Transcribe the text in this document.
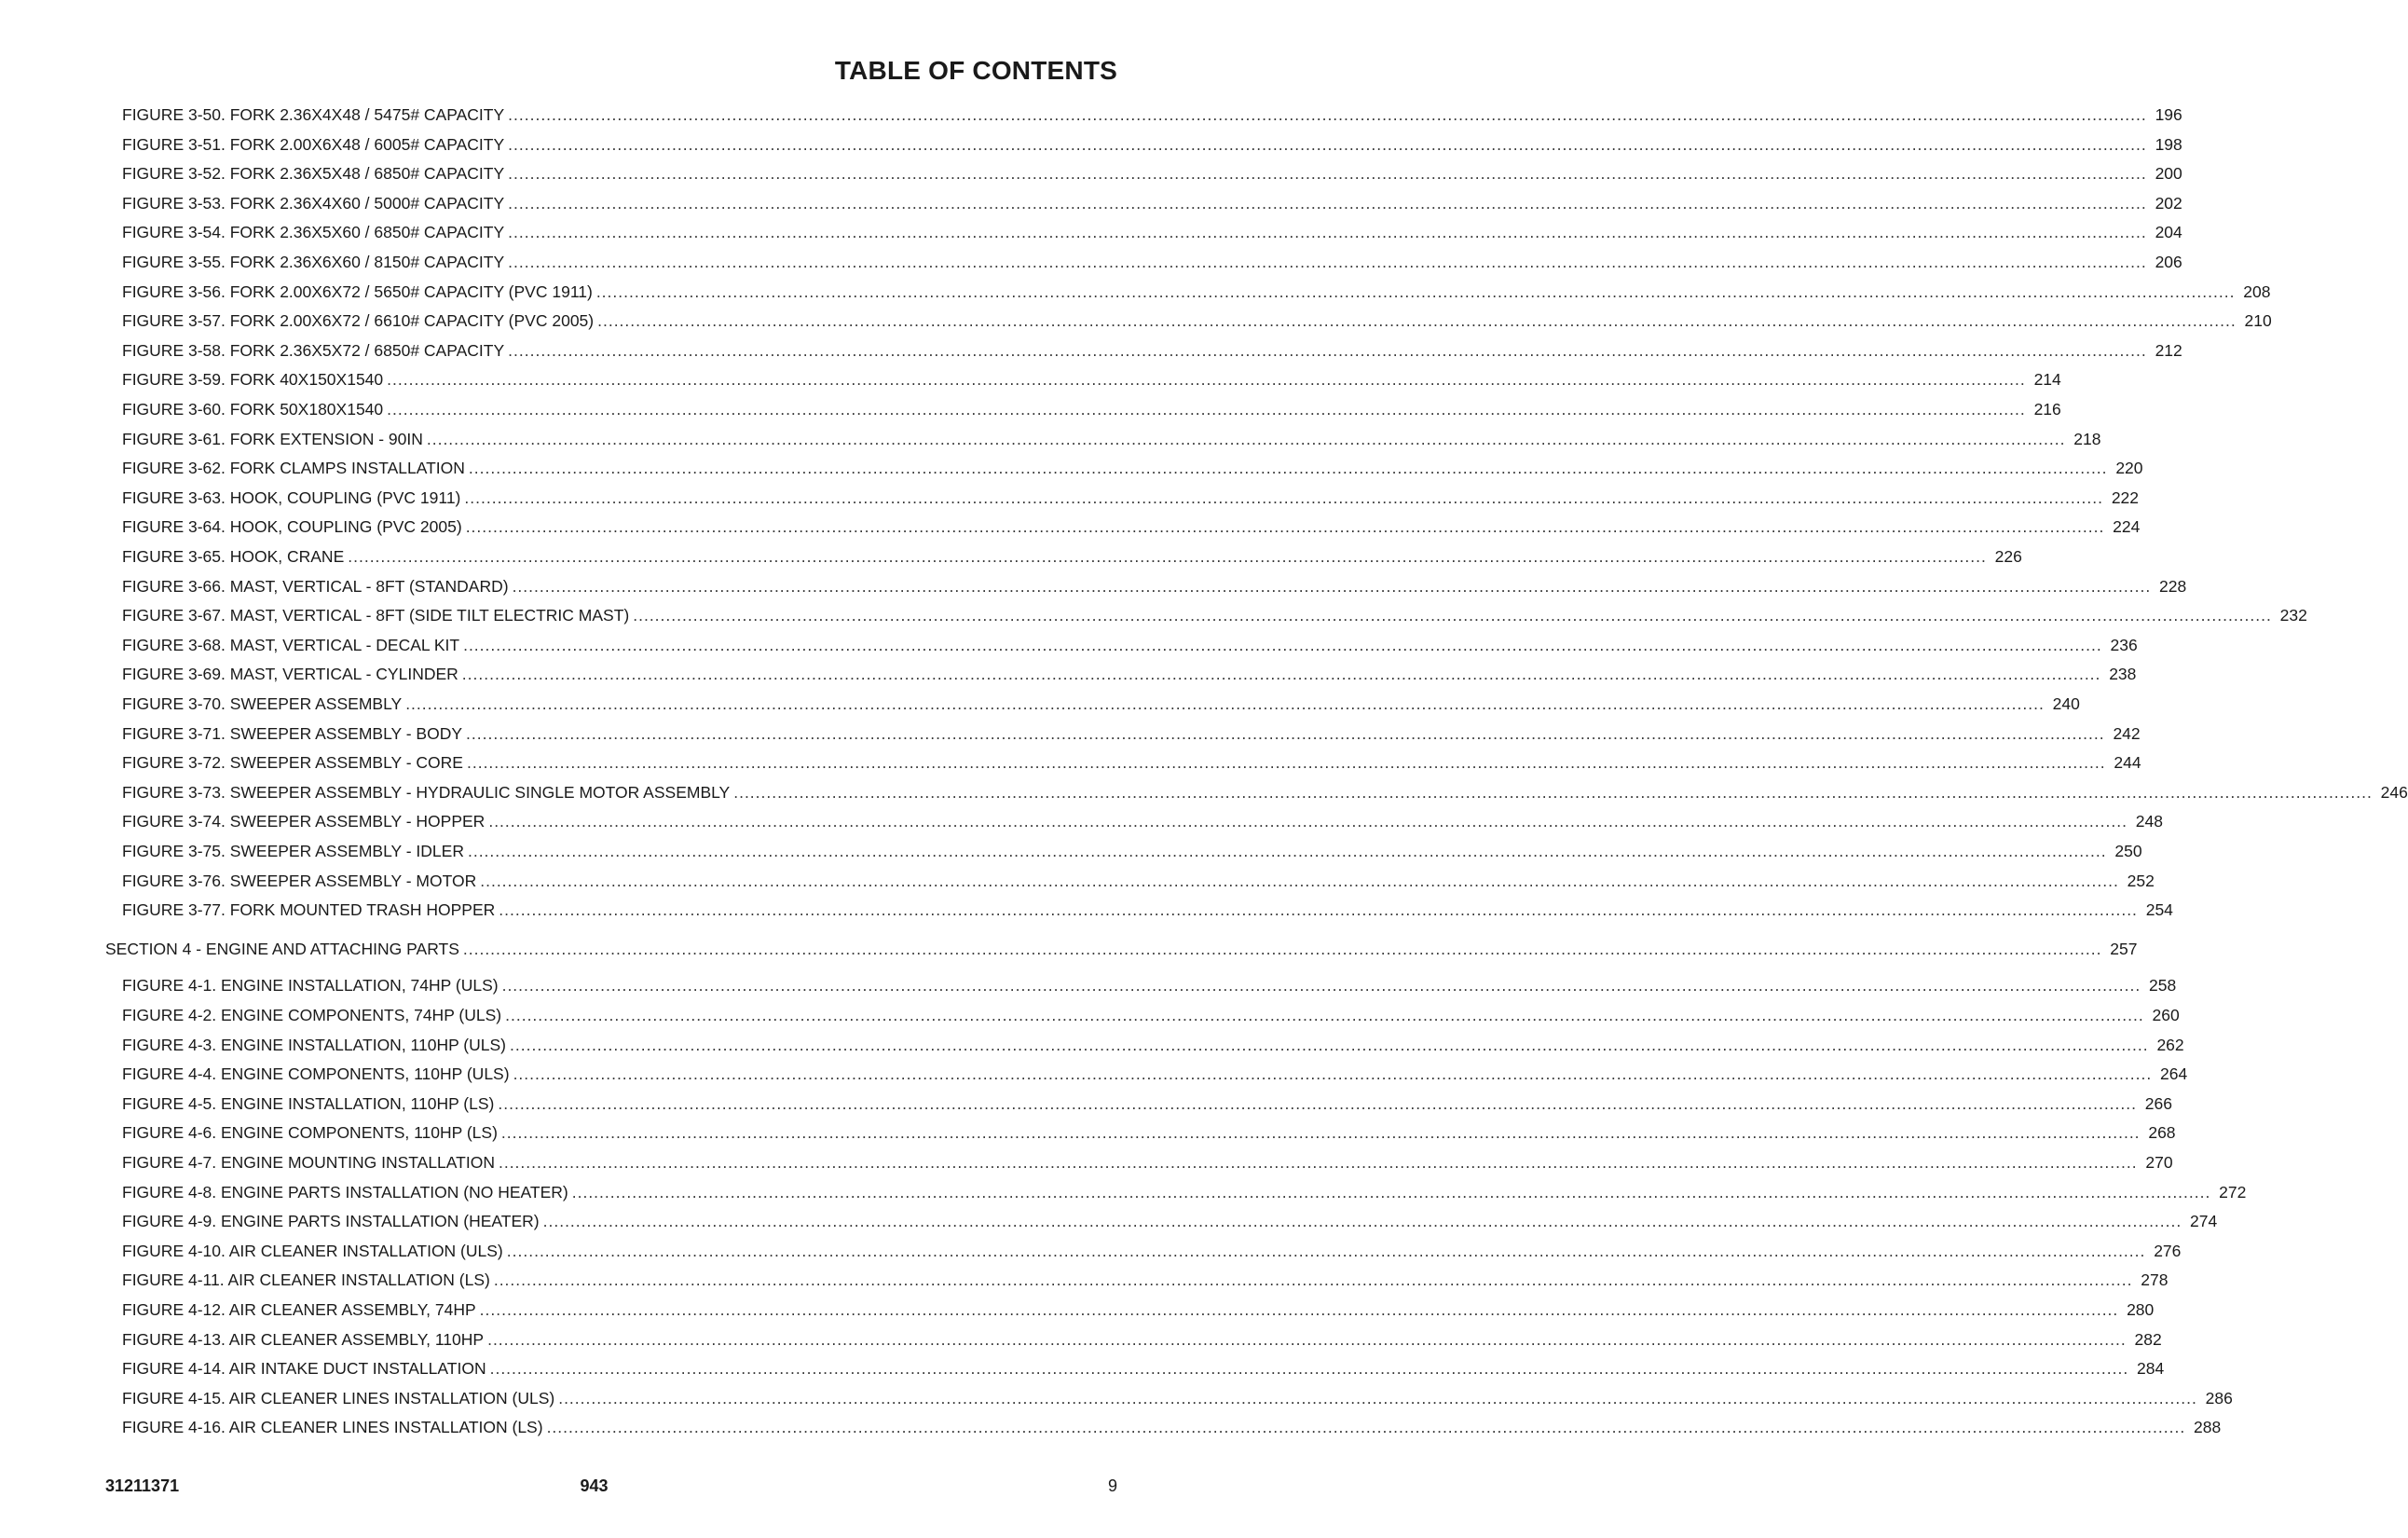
TABLE OF CONTENTS
FIGURE 3-50. FORK 2.36X4X48 / 5475# CAPACITY .....	196
FIGURE 3-51. FORK 2.00X6X48 / 6005# CAPACITY .....	198
FIGURE 3-52. FORK 2.36X5X48 / 6850# CAPACITY .....	200
FIGURE 3-53. FORK 2.36X4X60 / 5000# CAPACITY .....	202
FIGURE 3-54. FORK 2.36X5X60 / 6850# CAPACITY .....	204
FIGURE 3-55. FORK 2.36X6X60 / 8150# CAPACITY .....	206
FIGURE 3-56. FORK 2.00X6X72 / 5650# CAPACITY (PVC 1911) .....	208
FIGURE 3-57. FORK 2.00X6X72 / 6610# CAPACITY (PVC 2005) .....	210
FIGURE 3-58. FORK 2.36X5X72 / 6850# CAPACITY .....	212
FIGURE 3-59. FORK 40X150X1540 .....	214
FIGURE 3-60. FORK 50X180X1540 .....	216
FIGURE 3-61. FORK EXTENSION - 90IN .....	218
FIGURE 3-62. FORK CLAMPS INSTALLATION .....	220
FIGURE 3-63. HOOK, COUPLING (PVC 1911) .....	222
FIGURE 3-64. HOOK, COUPLING (PVC 2005) .....	224
FIGURE 3-65. HOOK, CRANE .....	226
FIGURE 3-66. MAST, VERTICAL - 8FT (STANDARD) .....	228
FIGURE 3-67. MAST, VERTICAL - 8FT (SIDE TILT ELECTRIC MAST) .....	232
FIGURE 3-68. MAST, VERTICAL - DECAL KIT .....	236
FIGURE 3-69. MAST, VERTICAL - CYLINDER .....	238
FIGURE 3-70. SWEEPER ASSEMBLY .....	240
FIGURE 3-71. SWEEPER ASSEMBLY - BODY .....	242
FIGURE 3-72. SWEEPER ASSEMBLY - CORE .....	244
FIGURE 3-73. SWEEPER ASSEMBLY - HYDRAULIC SINGLE MOTOR ASSEMBLY .....	246
FIGURE 3-74. SWEEPER ASSEMBLY - HOPPER .....	248
FIGURE 3-75. SWEEPER ASSEMBLY - IDLER .....	250
FIGURE 3-76. SWEEPER ASSEMBLY - MOTOR .....	252
FIGURE 3-77. FORK MOUNTED TRASH HOPPER .....	254
SECTION 4 - ENGINE AND ATTACHING PARTS .....	257
FIGURE 4-1. ENGINE INSTALLATION, 74HP (ULS) .....	258
FIGURE 4-2. ENGINE COMPONENTS, 74HP (ULS) .....	260
FIGURE 4-3. ENGINE INSTALLATION, 110HP (ULS) .....	262
FIGURE 4-4. ENGINE COMPONENTS, 110HP (ULS) .....	264
FIGURE 4-5. ENGINE INSTALLATION, 110HP (LS) .....	266
FIGURE 4-6. ENGINE COMPONENTS, 110HP (LS) .....	268
FIGURE 4-7. ENGINE MOUNTING INSTALLATION .....	270
FIGURE 4-8. ENGINE PARTS INSTALLATION (NO HEATER) .....	272
FIGURE 4-9. ENGINE PARTS INSTALLATION (HEATER) .....	274
FIGURE 4-10. AIR CLEANER INSTALLATION (ULS) .....	276
FIGURE 4-11. AIR CLEANER INSTALLATION (LS) .....	278
FIGURE 4-12. AIR CLEANER ASSEMBLY, 74HP .....	280
FIGURE 4-13. AIR CLEANER ASSEMBLY, 110HP .....	282
FIGURE 4-14. AIR INTAKE DUCT INSTALLATION .....	284
FIGURE 4-15. AIR CLEANER LINES INSTALLATION (ULS) .....	286
FIGURE 4-16. AIR CLEANER LINES INSTALLATION (LS) .....	288
31211371	943	9
